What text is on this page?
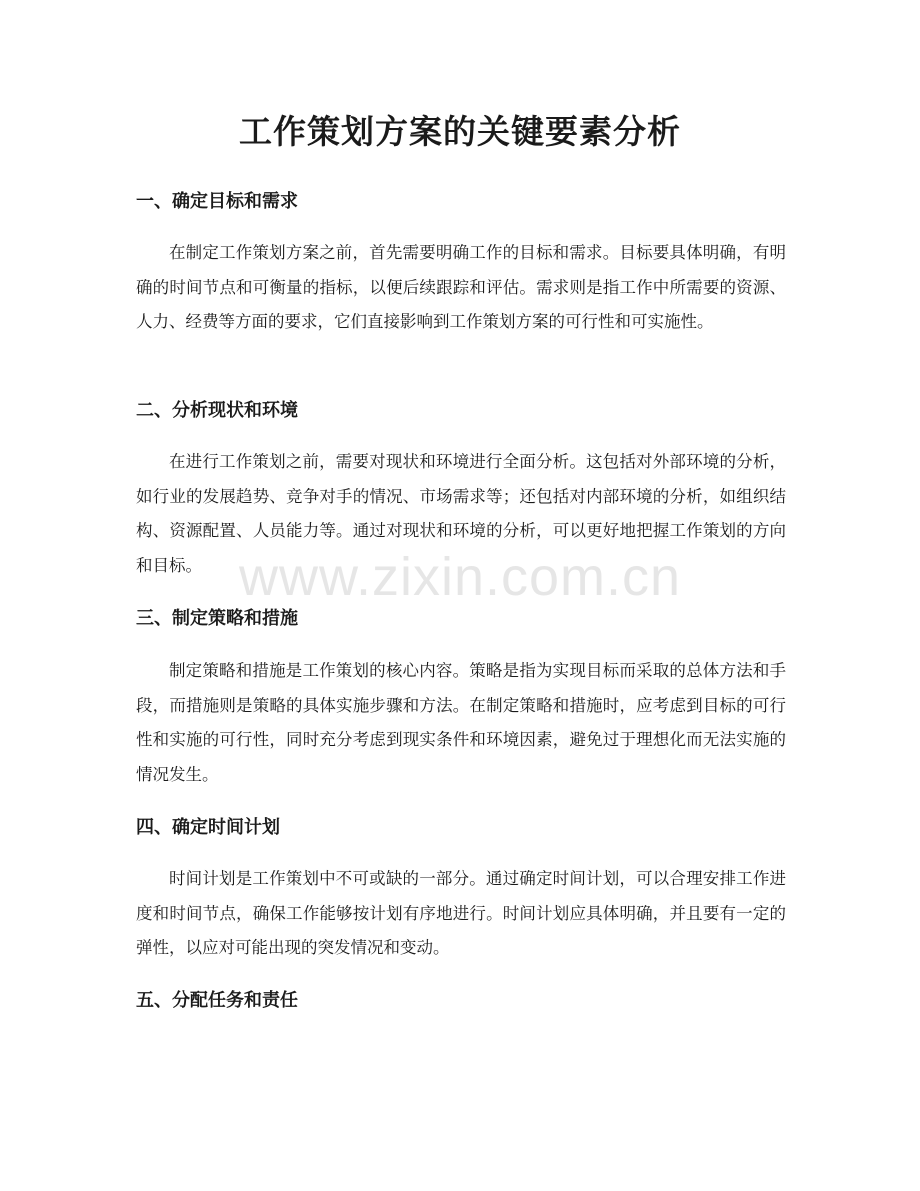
工作策划方案的关键要素分析
一、确定目标和需求

在制定工作策划方案之前，首先需要明确工作的目标和需求。目标要具体明确，有明确的时间节点和可衡量的指标，以便后续跟踪和评估。需求则是指工作中所需要的资源、人力、经费等方面的要求，它们直接影响到工作策划方案的可行性和可实施性。

二、分析现状和环境

在进行工作策划之前，需要对现状和环境进行全面分析。这包括对外部环境的分析，如行业的发展趋势、竞争对手的情况、市场需求等；还包括对内部环境的分析，如组织结构、资源配置、人员能力等。通过对现状和环境的分析，可以更好地把握工作策划的方向和目标。

三、制定策略和措施

制定策略和措施是工作策划的核心内容。策略是指为实现目标而采取的总体方法和手段，而措施则是策略的具体实施步骤和方法。在制定策略和措施时，应考虑到目标的可行性和实施的可行性，同时充分考虑到现实条件和环境因素，避免过于理想化而无法实施的情况发生。

四、确定时间计划

时间计划是工作策划中不可或缺的一部分。通过确定时间计划，可以合理安排工作进度和时间节点，确保工作能够按计划有序地进行。时间计划应具体明确，并且要有一定的弹性，以应对可能出现的突发情况和变动。

五、分配任务和责任
www.zixin.com.cn
